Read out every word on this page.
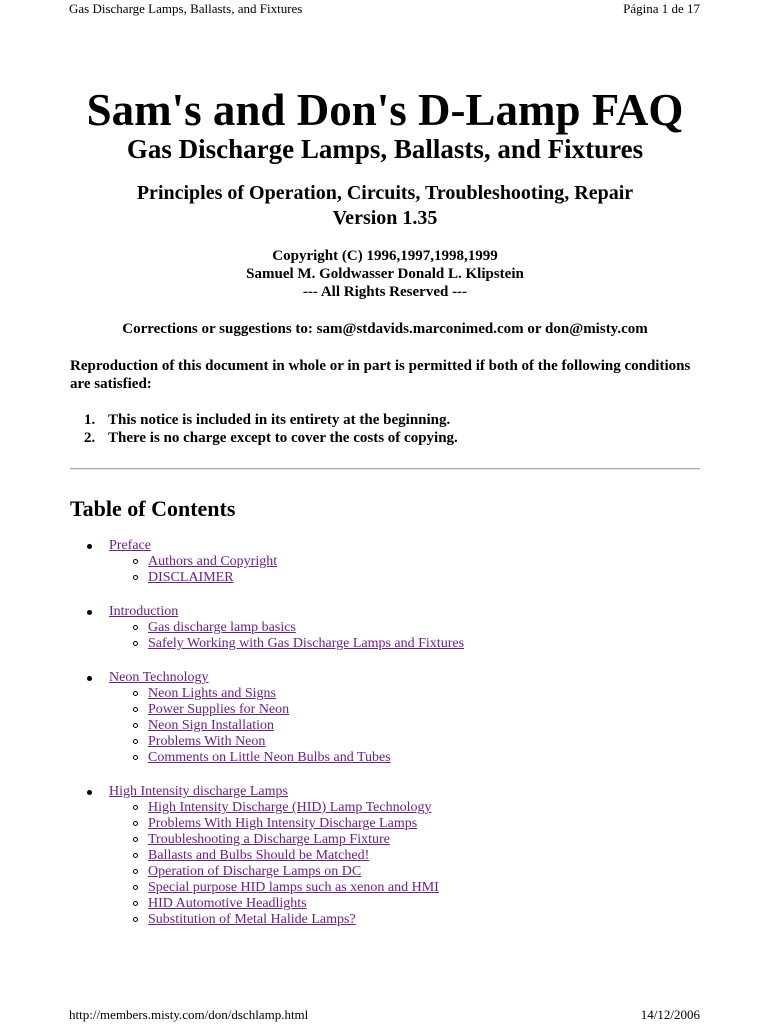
Gas Discharge Lamps, Ballasts, and Fixtures	Página 1 de 17
Sam's and Don's D-Lamp FAQ
Gas Discharge Lamps, Ballasts, and Fixtures
Principles of Operation, Circuits, Troubleshooting, Repair
Version 1.35
Copyright (C) 1996,1997,1998,1999
Samuel M. Goldwasser Donald L. Klipstein
--- All Rights Reserved ---
Corrections or suggestions to: sam@stdavids.marconimed.com or don@misty.com
Reproduction of this document in whole or in part is permitted if both of the following conditions are satisfied:
1. This notice is included in its entirety at the beginning.
2. There is no charge except to cover the costs of copying.
Table of Contents
Preface
Authors and Copyright
DISCLAIMER
Introduction
Gas discharge lamp basics
Safely Working with Gas Discharge Lamps and Fixtures
Neon Technology
Neon Lights and Signs
Power Supplies for Neon
Neon Sign Installation
Problems With Neon
Comments on Little Neon Bulbs and Tubes
High Intensity discharge Lamps
High Intensity Discharge (HID) Lamp Technology
Problems With High Intensity Discharge Lamps
Troubleshooting a Discharge Lamp Fixture
Ballasts and Bulbs Should be Matched!
Operation of Discharge Lamps on DC
Special purpose HID lamps such as xenon and HMI
HID Automotive Headlights
Substitution of Metal Halide Lamps?
http://members.misty.com/don/dschlamp.html	14/12/2006
